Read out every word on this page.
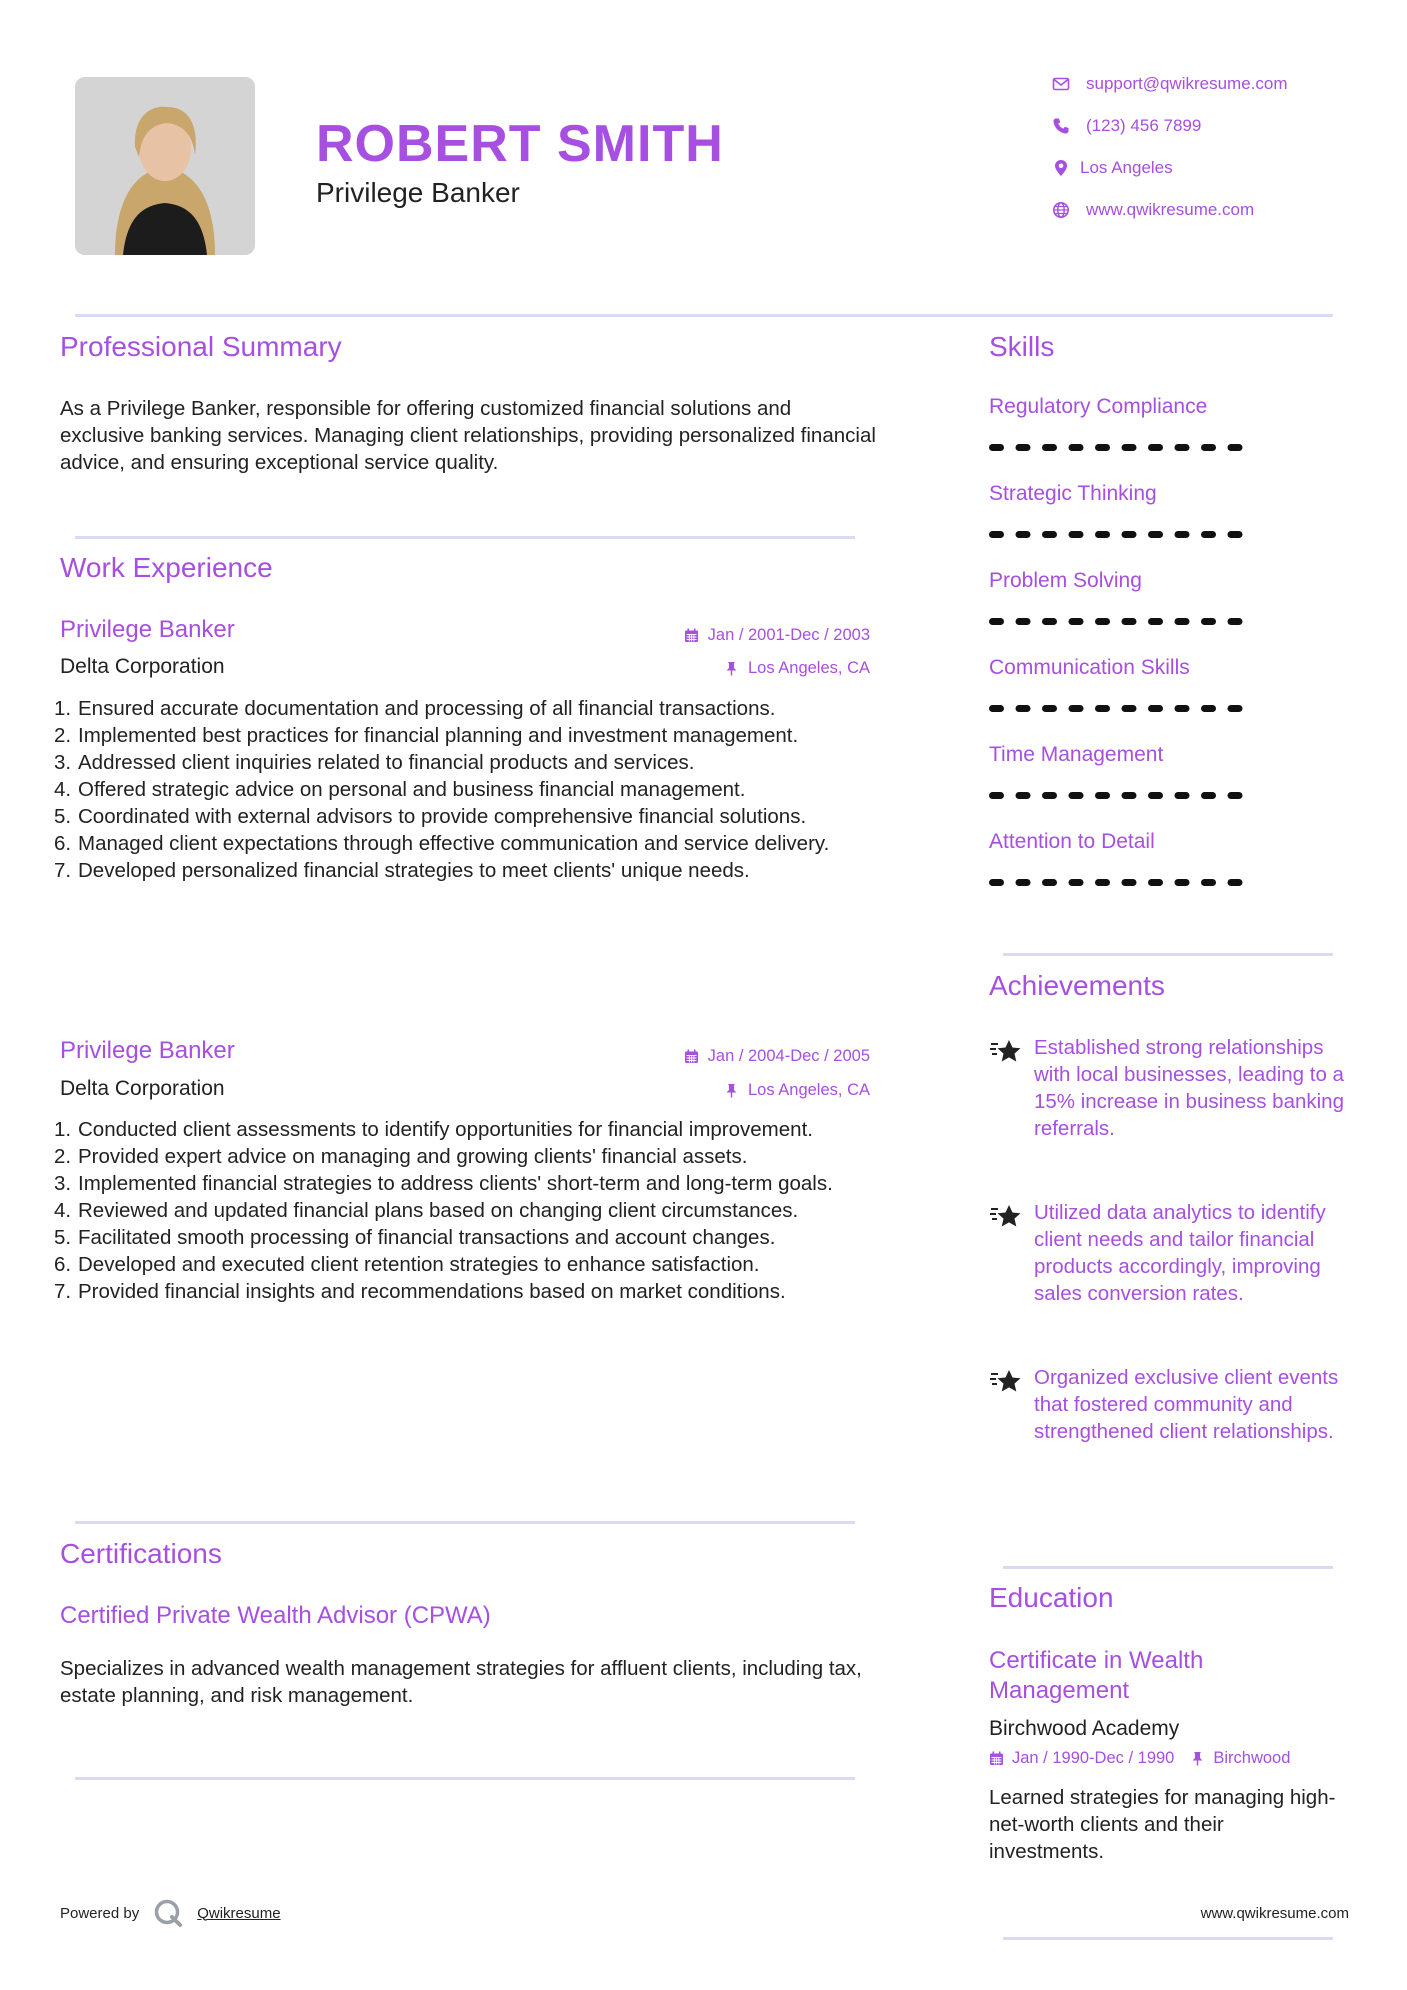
ROBERT SMITH
Privilege Banker
support@qwikresume.com
(123) 456 7899
Los Angeles
www.qwikresume.com
Professional Summary
As a Privilege Banker, responsible for offering customized financial solutions and exclusive banking services. Managing client relationships, providing personalized financial advice, and ensuring exceptional service quality.
Work Experience
Privilege Banker	Jan / 2001-Dec / 2003
Delta Corporation	Los Angeles, CA
Ensured accurate documentation and processing of all financial transactions.
Implemented best practices for financial planning and investment management.
Addressed client inquiries related to financial products and services.
Offered strategic advice on personal and business financial management.
Coordinated with external advisors to provide comprehensive financial solutions.
Managed client expectations through effective communication and service delivery.
Developed personalized financial strategies to meet clients' unique needs.
Privilege Banker	Jan / 2004-Dec / 2005
Delta Corporation	Los Angeles, CA
Conducted client assessments to identify opportunities for financial improvement.
Provided expert advice on managing and growing clients' financial assets.
Implemented financial strategies to address clients' short-term and long-term goals.
Reviewed and updated financial plans based on changing client circumstances.
Facilitated smooth processing of financial transactions and account changes.
Developed and executed client retention strategies to enhance satisfaction.
Provided financial insights and recommendations based on market conditions.
Certifications
Certified Private Wealth Advisor (CPWA)
Specializes in advanced wealth management strategies for affluent clients, including tax, estate planning, and risk management.
Skills
Regulatory Compliance
Strategic Thinking
Problem Solving
Communication Skills
Time Management
Attention to Detail
Achievements
Established strong relationships with local businesses, leading to a 15% increase in business banking referrals.
Utilized data analytics to identify client needs and tailor financial products accordingly, improving sales conversion rates.
Organized exclusive client events that fostered community and strengthened client relationships.
Education
Certificate in Wealth Management
Birchwood Academy
Jan / 1990-Dec / 1990 Birchwood
Learned strategies for managing high-net-worth clients and their investments.
Powered by	Qwikresume	www.qwikresume.com
